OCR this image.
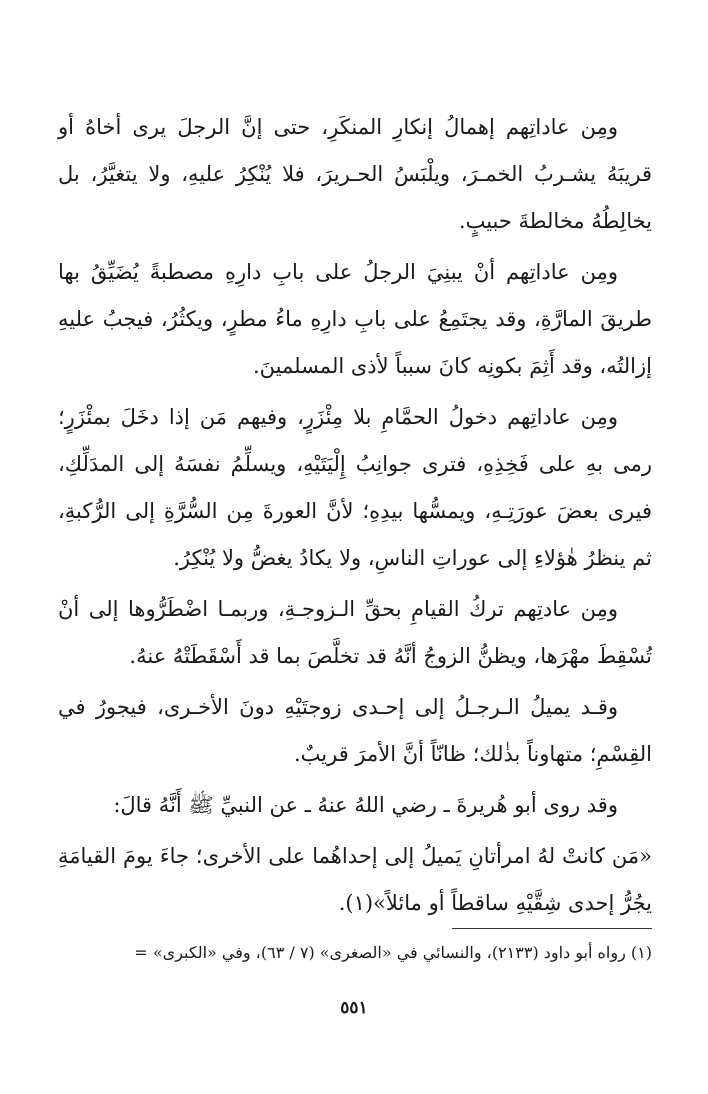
ومِن عاداتِهم إهمالُ إنكارِ المنكَرِ، حتى إنَّ الرجلَ يرى أخاهُ أو قريبَهُ يشـربُ الخمـرَ، ويلْبَسُ الحـريرَ، فلا يُنْكِرُ عليهِ، ولا يتغيَّرُ، بل يخالِطُهُ مخالطةَ حبيبٍ.

ومِن عاداتِهم أنْ يبنِيَ الرجلُ على بابِ دارِهِ مصطبةً يُضَيِّقُ بها طريقَ المارَّةِ، وقد يجتَمِعُ على بابِ دارِهِ ماءُ مطرٍ، ويكثُرُ، فيجبُ عليهِ إزالتُه، وقد أَثِمَ بكونِه كانَ سبباً لأذى المسلمينَ.

ومِن عاداتِهم دخولُ الحمَّامِ بلا مِئْزَرٍ، وفيهم مَن إذا دخَلَ بمئْزَرٍ؛ رمى بهِ على فَخِذِهِ، فترى جوانِبُ إِلْيَتَيْهِ، ويسلِّمُ نفسَهُ إلى المدَلِّكِ، فيرى بعضَ عورَتِـهِ، ويمسُّها بيدِهِ؛ لأنَّ العورةَ مِن السُّرَّةِ إلى الرُّكبةِ، ثم ينظرُ هٰؤلاءِ إلى عوراتِ الناسِ، ولا يكادُ يغضُّ ولا يُنْكِرُ.

ومِن عادتِهم تركُ القيامِ بحقِّ الـزوجـةِ، وربمـا اضْطَرُّوها إلى أنْ تُسْقِطَ مهْرَها، ويظنُّ الزوجُ أنَّهُ قد تخلَّصَ بما قد أَسْقَطَتْهُ عنهُ.

وقـد يميلُ الـرجـلُ إلى إحـدى زوجتَيْهِ دونَ الأخـرى، فيجورُ في القِسْمِ؛ متهاوناً بذٰلك؛ ظانّاً أنَّ الأمرَ قريبٌ.

وقد روى أبو هُريرةَ ـ رضي اللهُ عنهُ ـ عن النبيِّ ﷺ أَنَّهُ قالَ:

«مَن كانتْ لهُ امرأتانِ يَميلُ إلى إحداهُما على الأخرى؛ جاءَ يومَ القيامَةِ يجُرُّ إحدى شِقَّيْهِ ساقطاً أو مائلاً»(١).

(١) رواه أبو داود (٢١٣٣)، والنسائي في «الصغرى» (٧ / ٦٣)، وفي «الكبرى» =
٥٥١
